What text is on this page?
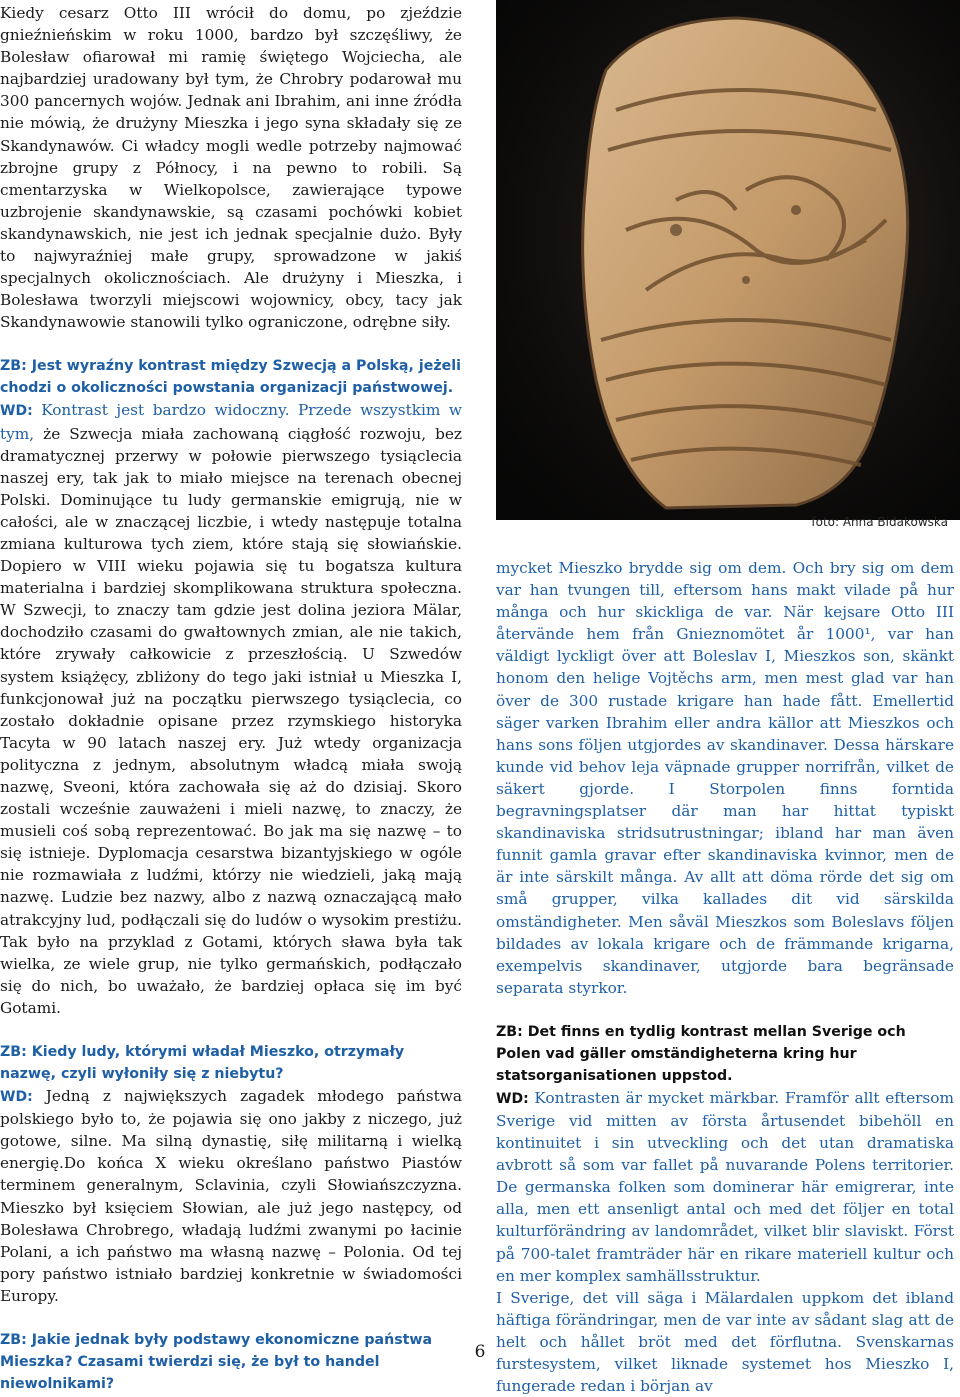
Kiedy cesarz Otto III wrócił do domu, po zjeździe gnieźnieńskim w roku 1000, bardzo był szczęśliwy, że Bolesław ofiarował mi ramię świętego Wojciecha, ale najbardziej uradowany był tym, że Chrobry podarował mu 300 pancernych wojów. Jednak ani Ibrahim, ani inne źródła nie mówią, że drużyny Mieszka i jego syna składały się ze Skandynawów. Ci władcy mogli wedle potrzeby najmować zbrojne grupy z Północy, i na pewno to robili. Są cmentarzyska w Wielkopolsce, zawierające typowe uzbrojenie skandynawskie, są czasami pochówki kobiet skandynawskich, nie jest ich jednak specjalnie dużo. Były to najwyraźniej małe grupy, sprowadzone w jakiś specjalnych okolicznościach. Ale drużyny i Mieszka, i Bolesława tworzyli miejscowi wojownicy, obcy, tacy jak Skandynawowie stanowili tylko ograniczone, odrębne siły.

ZB: Jest wyraźny kontrast między Szwecją a Polską, jeżeli chodzi o okoliczności powstania organizacji państwowej.

WD: Kontrast jest bardzo widoczny. Przede wszystkim w tym, że Szwecja miała zachowaną ciągłość rozwoju, bez dramatycznej przerwy w połowie pierwszego tysiąclecia naszej ery, tak jak to miało miejsce na terenach obecnej Polski. Dominujące tu ludy germanskie emigrują, nie w całości, ale w znaczącej liczbie, i wtedy następuje totalna zmiana kulturowa tych ziem, które stają się słowiańskie. Dopiero w VIII wieku pojawia się tu bogatsza kultura materialna i bardziej skomplikowana struktura społeczna. W Szwecji, to znaczy tam gdzie jest dolina jeziora Mälar, dochodziło czasami do gwałtownych zmian, ale nie takich, które zrywały całkowicie z przeszłością. U Szwedów system książęcy, zbliżony do tego jaki istniał u Mieszka I, funkcjonował już na początku pierwszego tysiąclecia, co zostało dokładnie opisane przez rzymskiego historyka Tacyta w 90 latach naszej ery. Już wtedy organizacja polityczna z jednym, absolutnym władcą miała swoją nazwę, Sveoni, która zachowała się aż do dzisiaj. Skoro zostali wcześnie zauważeni i mieli nazwę, to znaczy, że musieli coś sobą reprezentować. Bo jak ma się nazwę – to się istnieje. Dyplomacja cesarstwa bizantyjskiego w ogóle nie rozmawiała z ludźmi, którzy nie wiedzieli, jaką mają nazwę. Ludzie bez nazwy, albo z nazwą oznaczającą mało atrakcyjny lud, podłączali się do ludów o wysokim prestiżu. Tak było na przyklad z Gotami, których sława była tak wielka, ze wiele grup, nie tylko germańskich, podłączało się do nich, bo uważało, że bardziej opłaca się im być Gotami.

ZB: Kiedy ludy, którymi władał Mieszko, otrzymały nazwę, czyli wyłoniły się z niebytu?

WD: Jedną z największych zagadek młodego państwa polskiego było to, że pojawia się ono jakby z niczego, już gotowe, silne. Ma silną dynastię, siłę militarną i wielką energię.Do końca X wieku określano państwo Piastów terminem generalnym, Sclavinia, czyli Słowiańszczyzna. Mieszko był księciem Słowian, ale już jego następcy, od Bolesława Chrobrego, władają ludźmi zwanymi po łacinie Polani, a ich państwo ma własną nazwę – Polonia. Od tej pory państwo istniało bardziej konkretnie w świadomości Europy.

ZB: Jakie jednak były podstawy ekonomiczne państwa Mieszka? Czasami twierdzi się, że był to handel niewolnikami?

foto: Anna Bidakowska

mycket Mieszko brydde sig om dem. Och bry sig om dem var han tvungen till, eftersom hans makt vilade på hur många och hur skickliga de var. När kejsare Otto III återvände hem från Gnieznomötet år 1000¹, var han väldigt lyckligt över att Boleslav I, Mieszkos son, skänkt honom den helige Vojtěchs arm, men mest glad var han över de 300 rustade krigare han hade fått. Emellertid säger varken Ibrahim eller andra källor att Mieszkos och hans sons följen utgjordes av skandinaver. Dessa härskare kunde vid behov leja väpnade grupper norrifrån, vilket de säkert gjorde. I Storpolen finns forntida begravningsplatser där man har hittat typiskt skandinaviska stridsutrustningar; ibland har man även funnit gamla gravar efter skandinaviska kvinnor, men de är inte särskilt många. Av allt att döma rörde det sig om små grupper, vilka kallades dit vid särskilda omständigheter. Men såväl Mieszkos som Boleslavs följen bildades av lokala krigare och de främmande krigarna, exempelvis skandinaver, utgjorde bara begränsade separata styrkor.

ZB: Det finns en tydlig kontrast mellan Sverige och Polen vad gäller omständigheterna kring hur statsorganisationen uppstod.

WD: Kontrasten är mycket märkbar. Framför allt eftersom Sverige vid mitten av första årtusendet bibehöll en kontinuitet i sin utveckling och det utan dramatiska avbrott så som var fallet på nuvarande Polens territorier. De germanska folken som dominerar här emigrerar, inte alla, men ett ansenligt antal och med det följer en total kulturförändring av landområdet, vilket blir slaviskt. Först på 700-talet framträder här en rikare materiell kultur och en mer komplex samhällsstruktur.

I Sverige, det vill säga i Mälardalen uppkom det ibland häftiga förändringar, men de var inte av sådant slag att de helt och hållet bröt med det förflutna. Svenskarnas furstesystem, vilket liknade systemet hos Mieszko I, fungerade redan i början av

6
